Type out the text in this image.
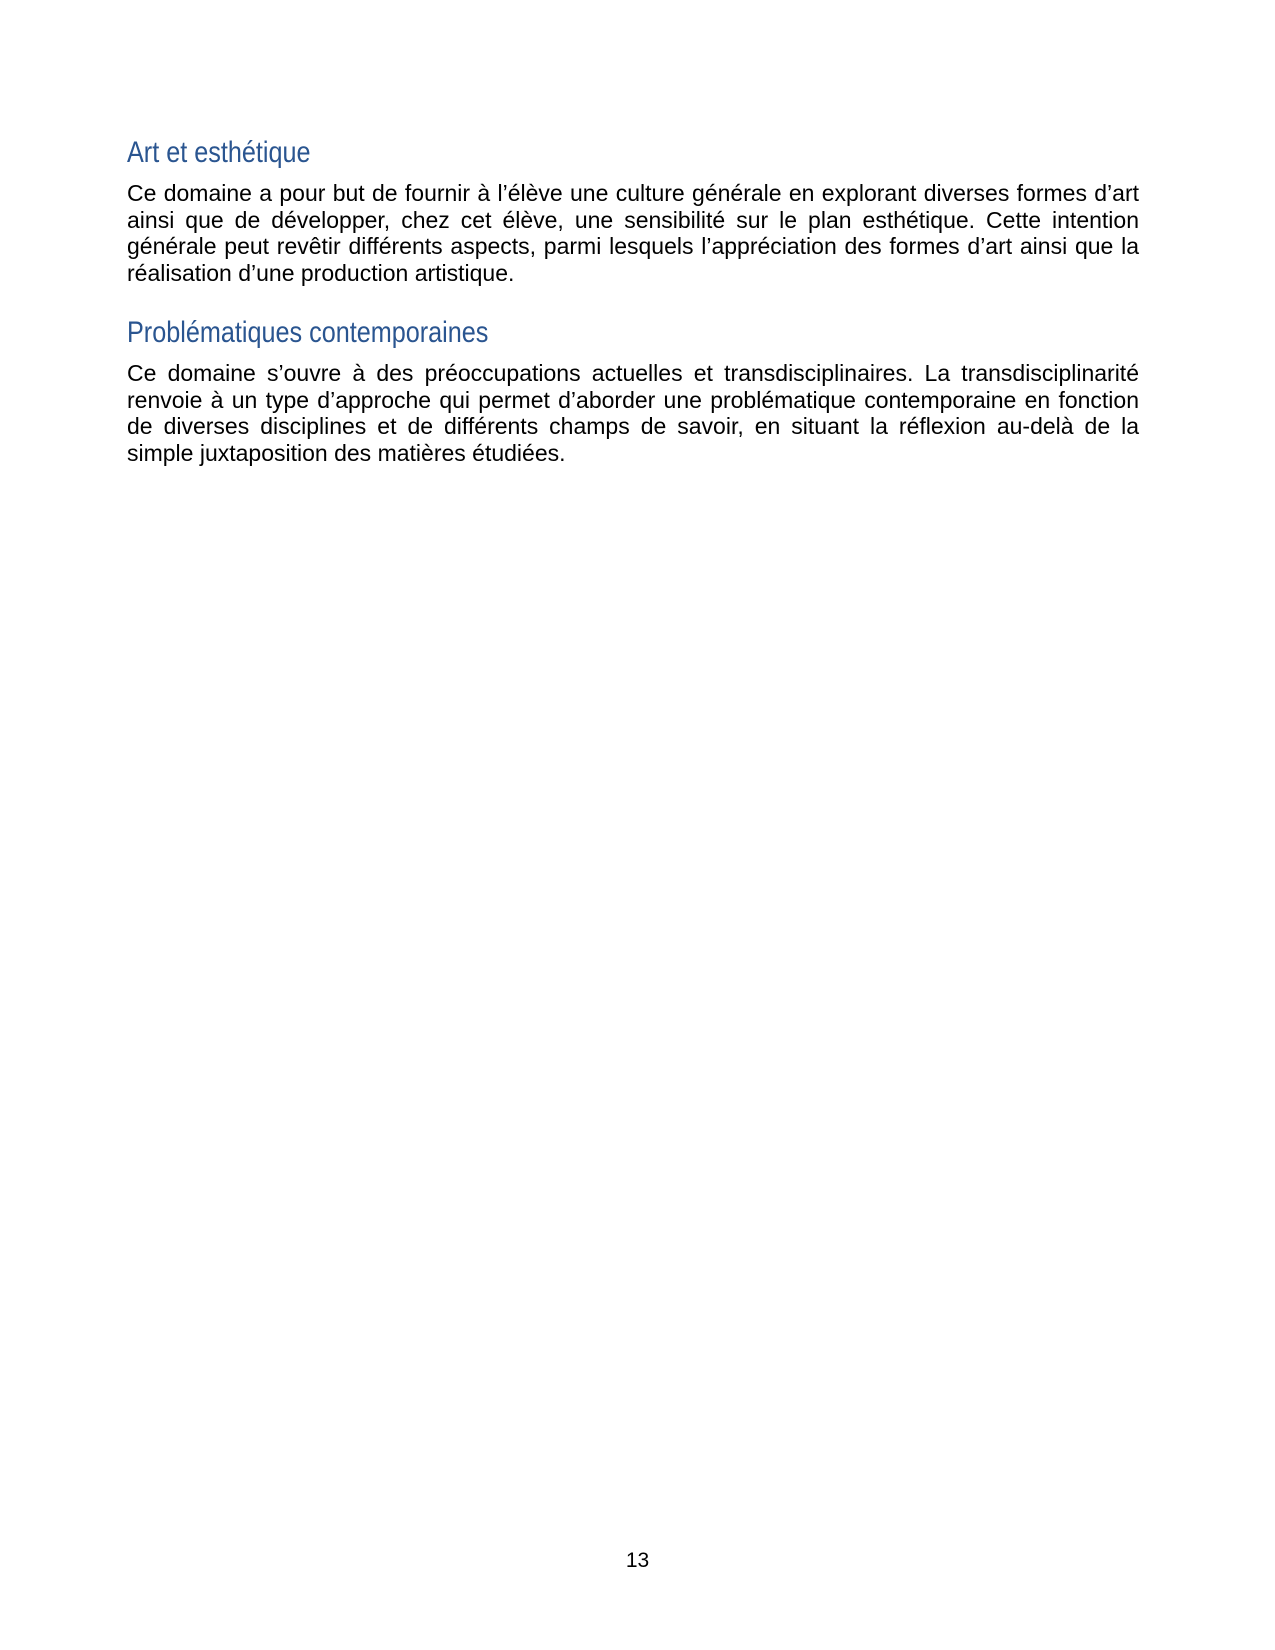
Art et esthétique

Ce domaine a pour but de fournir à l’élève une culture générale en explorant diverses formes d’art ainsi que de développer, chez cet élève, une sensibilité sur le plan esthétique. Cette intention générale peut revêtir différents aspects, parmi lesquels l’appréciation des formes d’art ainsi que la réalisation d’une production artistique.

Problématiques contemporaines

Ce domaine s’ouvre à des préoccupations actuelles et transdisciplinaires. La transdisciplinarité renvoie à un type d’approche qui permet d’aborder une problématique contemporaine en fonction de diverses disciplines et de différents champs de savoir, en situant la réflexion au-delà de la simple juxtaposition des matières étudiées.

13
